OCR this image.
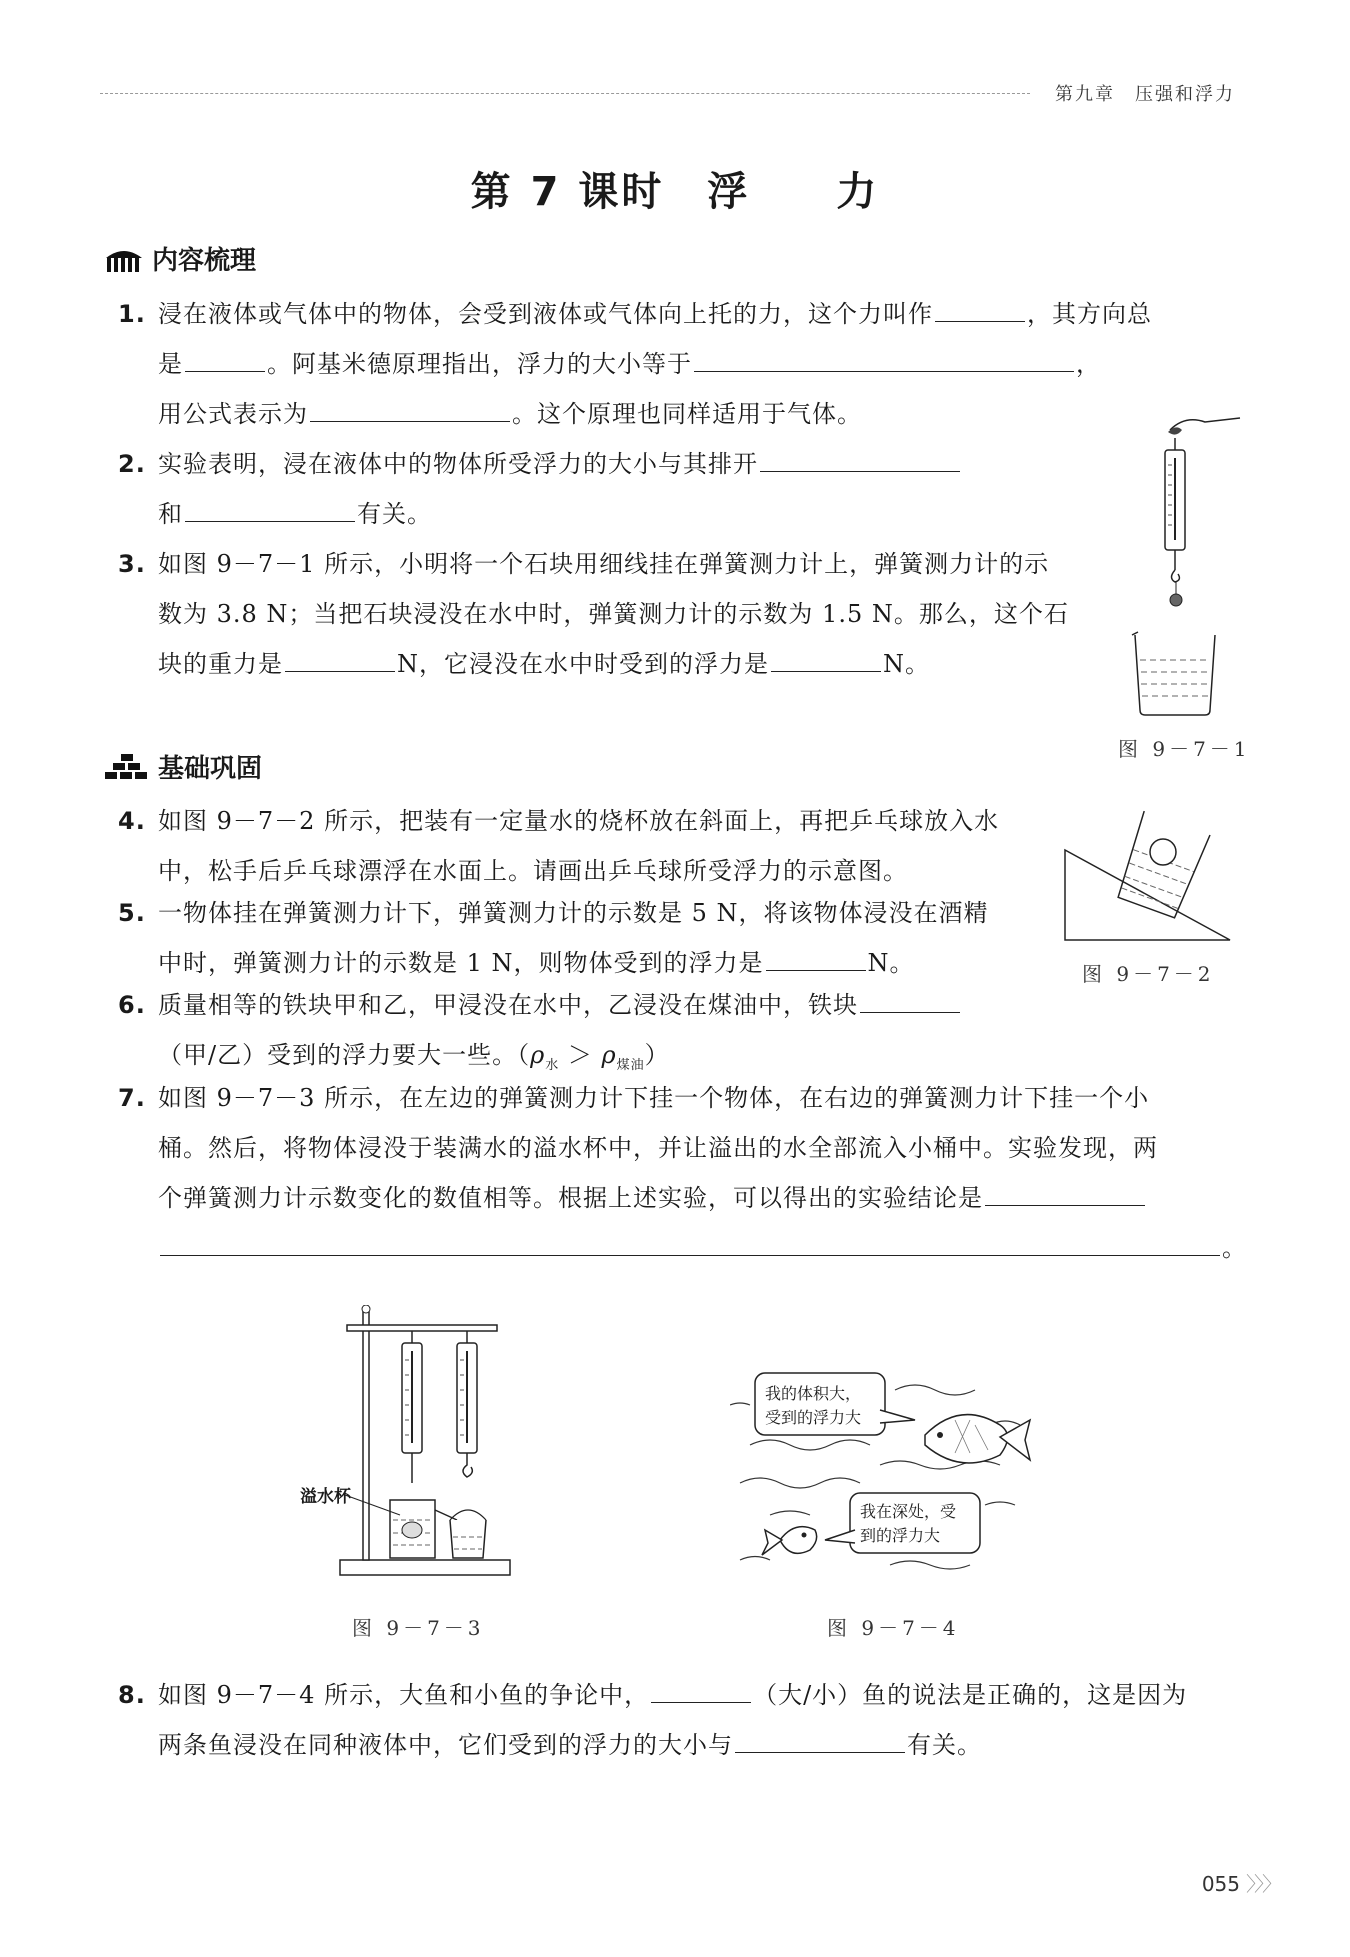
第九章　压强和浮力
第 7 课时　浮　　力
内容梳理
1. 浸在液体或气体中的物体，会受到液体或气体向上托的力，这个力叫作	，其方向总
是	。阿基米德原理指出，浮力的大小等于	，
用公式表示为	。这个原理也同样适用于气体。
2. 实验表明，浸在液体中的物体所受浮力的大小与其排开
和	有关。
3. 如图 9－7－1 所示，小明将一个石块用细线挂在弹簧测力计上，弹簧测力计的示
数为 3.8 N；当把石块浸没在水中时，弹簧测力计的示数为 1.5 N。那么，这个石
块的重力是	N，它浸没在水中时受到的浮力是	N。
图 9－7－1
基础巩固
4. 如图 9－7－2 所示，把装有一定量水的烧杯放在斜面上，再把乒乓球放入水
中，松手后乒乓球漂浮在水面上。请画出乒乓球所受浮力的示意图。
图 9－7－2
5. 一物体挂在弹簧测力计下，弹簧测力计的示数是 5 N，将该物体浸没在酒精
中时，弹簧测力计的示数是 1 N，则物体受到的浮力是	N。
6. 质量相等的铁块甲和乙，甲浸没在水中，乙浸没在煤油中，铁块
（甲/乙）受到的浮力要大一些。$(\rho_水 > \rho_{煤油})$
7. 如图 9－7－3 所示，在左边的弹簧测力计下挂一个物体，在右边的弹簧测力计下挂一个小
桶。然后，将物体浸没于装满水的溢水杯中，并让溢出的水全部流入小桶中。实验发现，两
个弹簧测力计示数变化的数值相等。根据上述实验，可以得出的实验结论是
。
溢水杯
图 9－7－3
我的体积大，
受到的浮力大
我在深处，受
到的浮力大
图 9－7－4
8. 如图 9－7－4 所示，大鱼和小鱼的争论中，	（大/小）鱼的说法是正确的，这是因为
两条鱼浸没在同种液体中，它们受到的浮力的大小与	有关。
055 〉〉〉
